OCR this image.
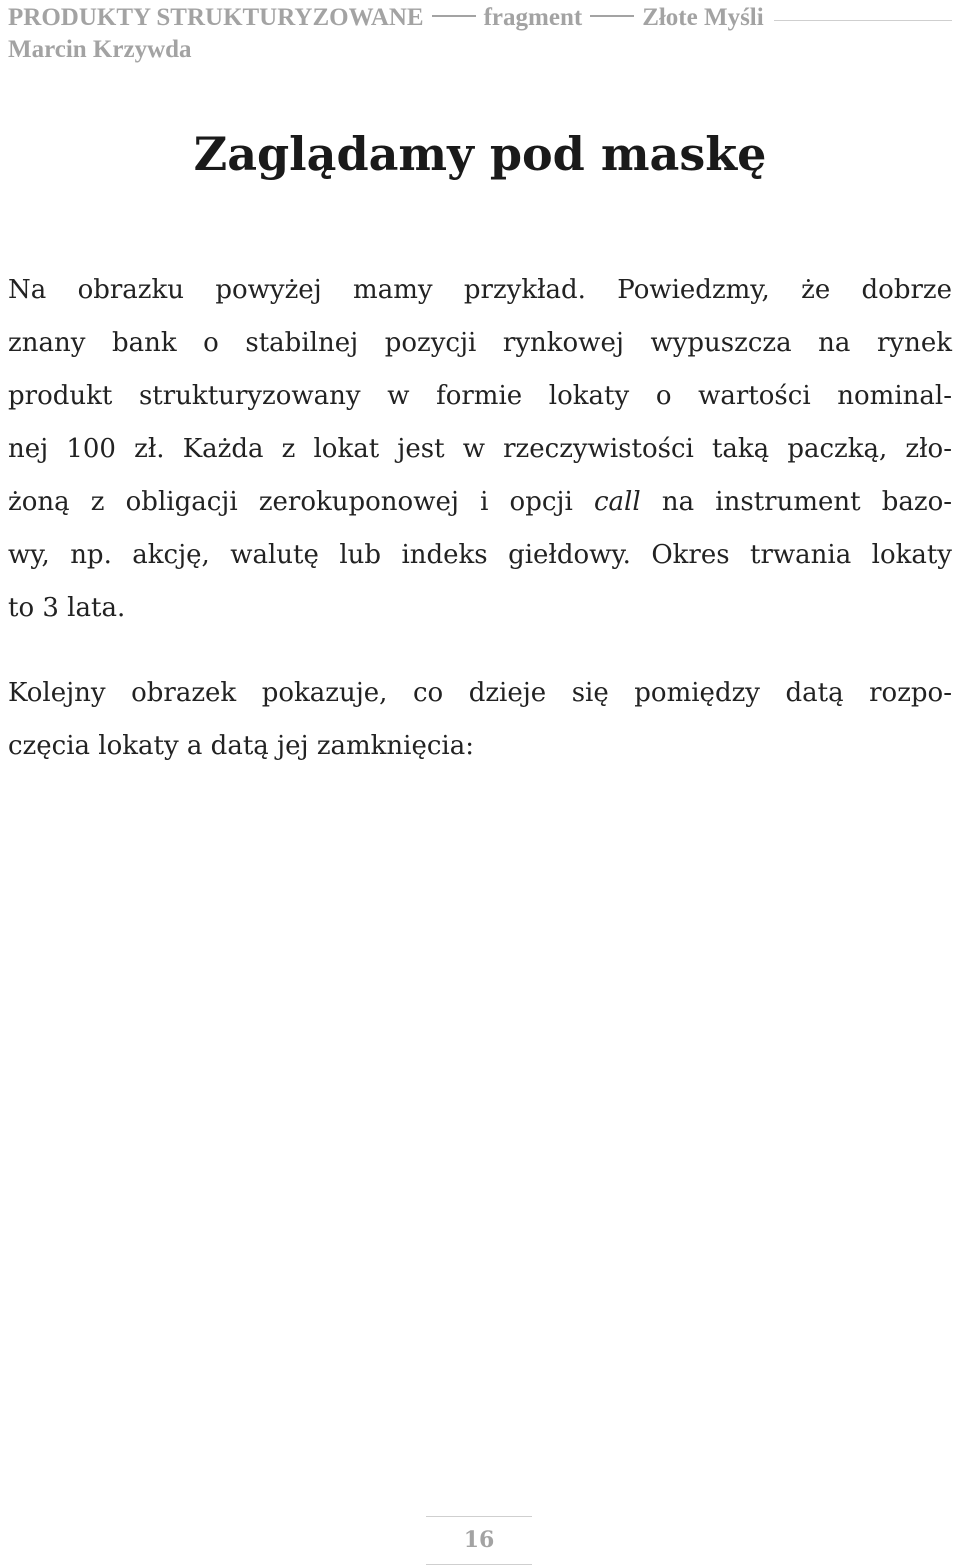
PRODUKTY STRUKTURYZOWANE fragment Złote Myśli
Marcin Krzywda
Zaglądamy pod maskę
Na obrazku powyżej mamy przykład. Powiedzmy, że dobrze
znany bank o stabilnej pozycji rynkowej wypuszcza na rynek
produkt strukturyzowany w formie lokaty o wartości nominal-
nej 100 zł. Każda z lokat jest w rzeczywistości taką paczką, zło-
żoną z obligacji zerokuponowej i opcji call na instrument bazo-
wy, np. akcję, walutę lub indeks giełdowy. Okres trwania lokaty
to 3 lata.
Kolejny obrazek pokazuje, co dzieje się pomiędzy datą rozpo-
częcia lokaty a datą jej zamknięcia:
16
